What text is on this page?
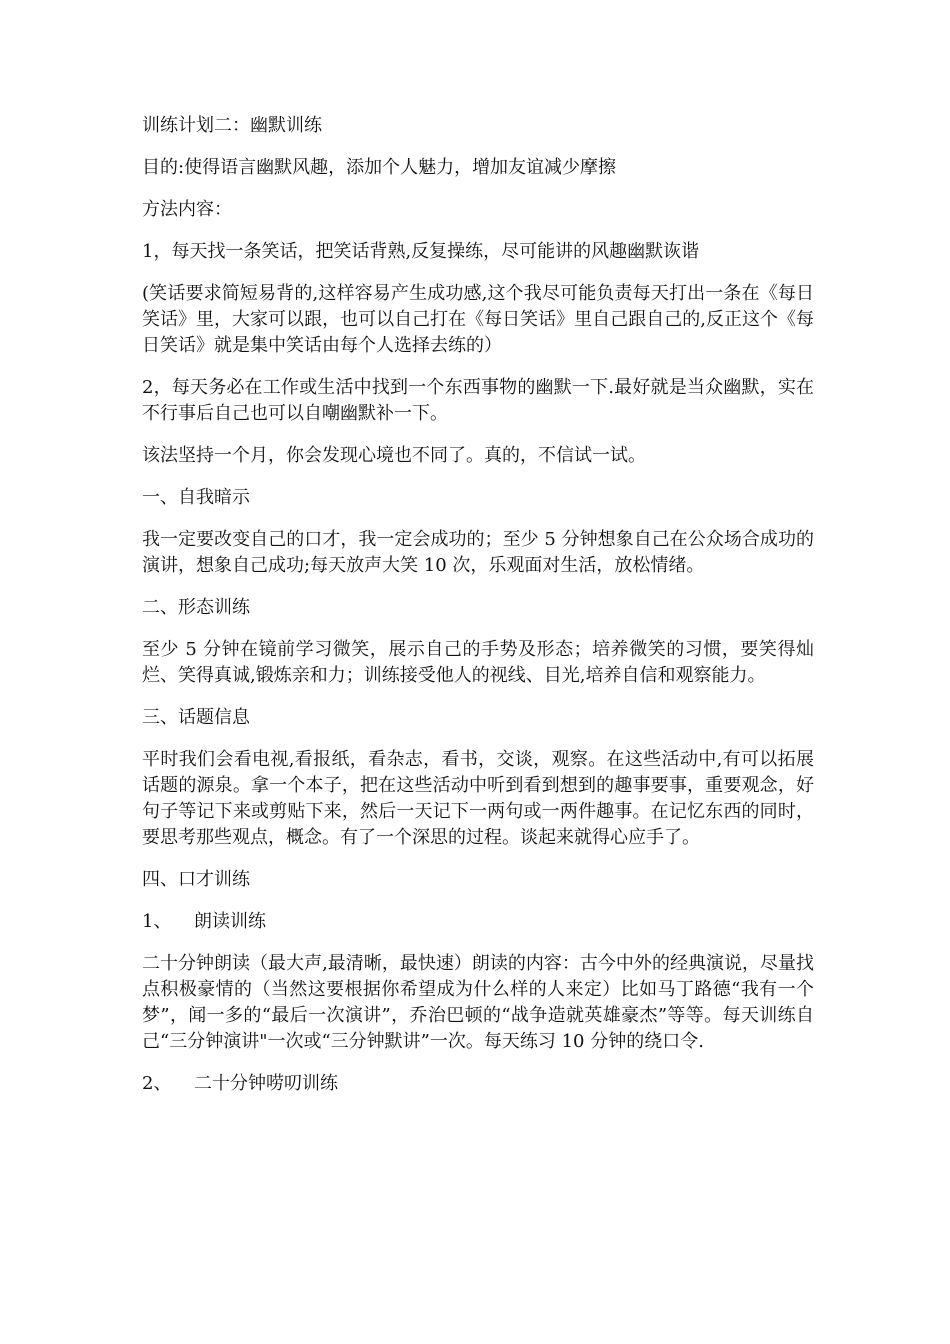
训练计划二：幽默训练

目的:使得语言幽默风趣，添加个人魅力，增加友谊减少摩擦

方法内容：

1，每天找一条笑话，把笑话背熟,反复操练，尽可能讲的风趣幽默诙谐

(笑话要求简短易背的,这样容易产生成功感,这个我尽可能负责每天打出一条在《每日笑话》里，大家可以跟，也可以自己打在《每日笑话》里自己跟自己的,反正这个《每日笑话》就是集中笑话由每个人选择去练的）

2，每天务必在工作或生活中找到一个东西事物的幽默一下.最好就是当众幽默，实在不行事后自己也可以自嘲幽默补一下。

该法坚持一个月，你会发现心境也不同了。真的，不信试一试。

一、自我暗示

我一定要改变自己的口才，我一定会成功的；至少 5 分钟想象自己在公众场合成功的演讲，想象自己成功;每天放声大笑 10 次，乐观面对生活，放松情绪。

二、形态训练

至少 5 分钟在镜前学习微笑，展示自己的手势及形态；培养微笑的习惯，要笑得灿烂、笑得真诚,锻炼亲和力；训练接受他人的视线、目光,培养自信和观察能力。

三、话题信息

平时我们会看电视,看报纸，看杂志，看书，交谈，观察。在这些活动中,有可以拓展话题的源泉。拿一个本子，把在这些活动中听到看到想到的趣事要事，重要观念，好句子等记下来或剪贴下来，然后一天记下一两句或一两件趣事。在记忆东西的同时，要思考那些观点，概念。有了一个深思的过程。谈起来就得心应手了。

四、口才训练

1、 朗读训练

二十分钟朗读（最大声,最清晰，最快速）朗读的内容：古今中外的经典演说，尽量找点积极豪情的（当然这要根据你希望成为什么样的人来定）比如马丁路德“我有一个梦”，闻一多的“最后一次演讲”，乔治巴顿的“战争造就英雄豪杰”等等。每天训练自己“三分钟演讲"一次或“三分钟默讲”一次。每天练习 10 分钟的绕口令.

2、 二十分钟唠叨训练
